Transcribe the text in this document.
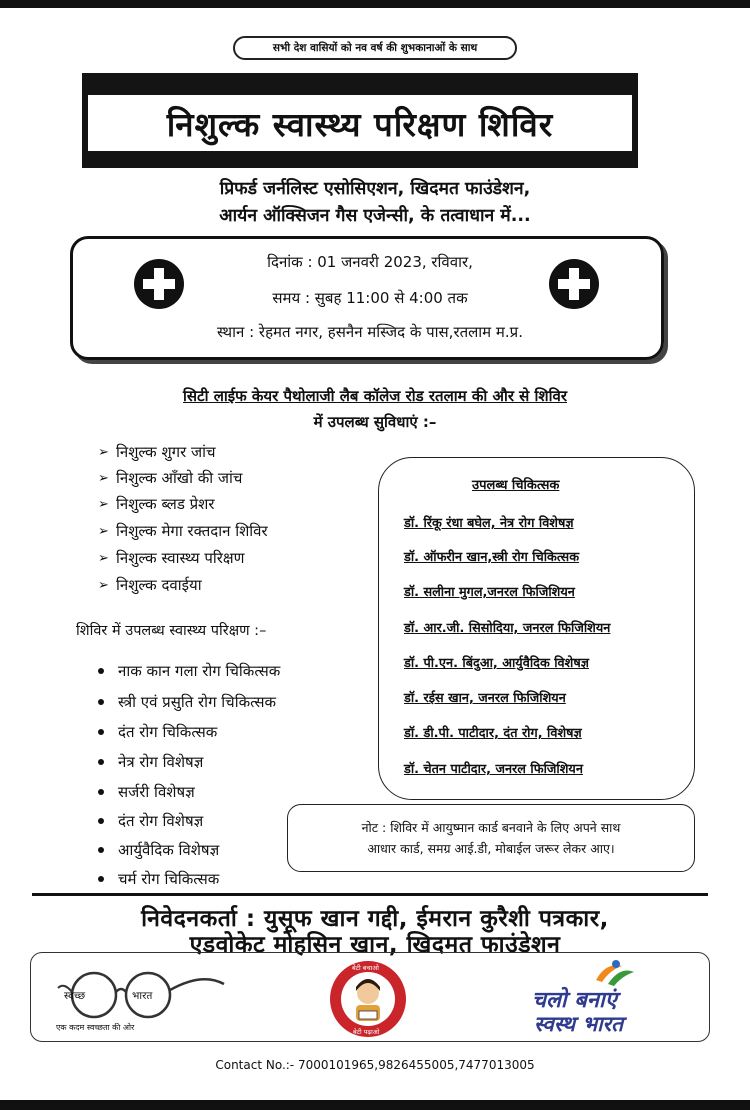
सभी देश वासियों को नव वर्ष की शुभकानाओं के साथ
निशुल्क स्वास्थ्य परिक्षण शिविर
प्रिफर्ड जर्नलिस्ट एसोसिएशन, खिदमत फाउंडेशन,
आर्यन ऑक्सिजन गैस एजेन्सी, के तत्वाधान में...
दिनांक : 01 जनवरी 2023, रविवार,
समय : सुबह 11:00 से 4:00 तक
स्थान : रेहमत नगर, हसनैन मस्जिद के पास,रतलाम म.प्र.
सिटी लाईफ केयर पैथोलाजी लैब कॉलेज रोड रतलाम की और से शिविर
में उपलब्ध सुविधाएं :–
➢ निशुल्क शुगर जांच
➢ निशुल्क आँखो की जांच
➢ निशुल्क ब्लड प्रेशर
➢ निशुल्क मेगा रक्तदान शिविर
➢ निशुल्क स्वास्थ्य परिक्षण
➢ निशुल्क दवाईया
शिविर में उपलब्ध स्वास्थ्य परिक्षण :–
नाक कान गला रोग चिकित्सक
स्त्री एवं प्रसुति रोग चिकित्सक
दंत रोग चिकित्सक
नेत्र रोग विशेषज्ञ
सर्जरी विशेषज्ञ
दंत रोग विशेषज्ञ
आर्युवैदिक विशेषज्ञ
चर्म रोग चिकित्सक
उपलब्ध चिकित्सक
डॉ. रिंकू रंधा बघेल, नेत्र रोग विशेषज्ञ
डॉ. ऑफरीन खान,स्त्री रोग चिकित्सक
डॉ. सलीना मुगल,जनरल फिजिशियन
डॉ. आर.जी. सिसोदिया, जनरल फिजिशियन
डॉ. पी.एन. बिंदुआ, आर्युवैदिक विशेषज्ञ
डॉ. रईस खान, जनरल फिजिशियन
डॉ. डी.पी. पाटीदार, दंत रोग, विशेषज्ञ
डॉ. चेतन पाटीदार, जनरल फिजिशियन
नोट : शिविर में आयुष्मान कार्ड बनवाने के लिए अपने साथ
आधार कार्ड, समग्र आई.डी, मोबाईल जरूर लेकर आए।
निवेदनकर्ता : युसूफ खान गद्दी, ईमरान कुरैशी पत्रकार,
एडवोकेट मोहसिन खान, खिदमत फाउंडेशन
स्वच्छ	भारत
एक कदम स्वच्छता की ओर
बेटी बचाओ
बेटी पढ़ाओ
चलो बनाएं
स्वस्थ भारत
Contact No.:- 7000101965,9826455005,7477013005
